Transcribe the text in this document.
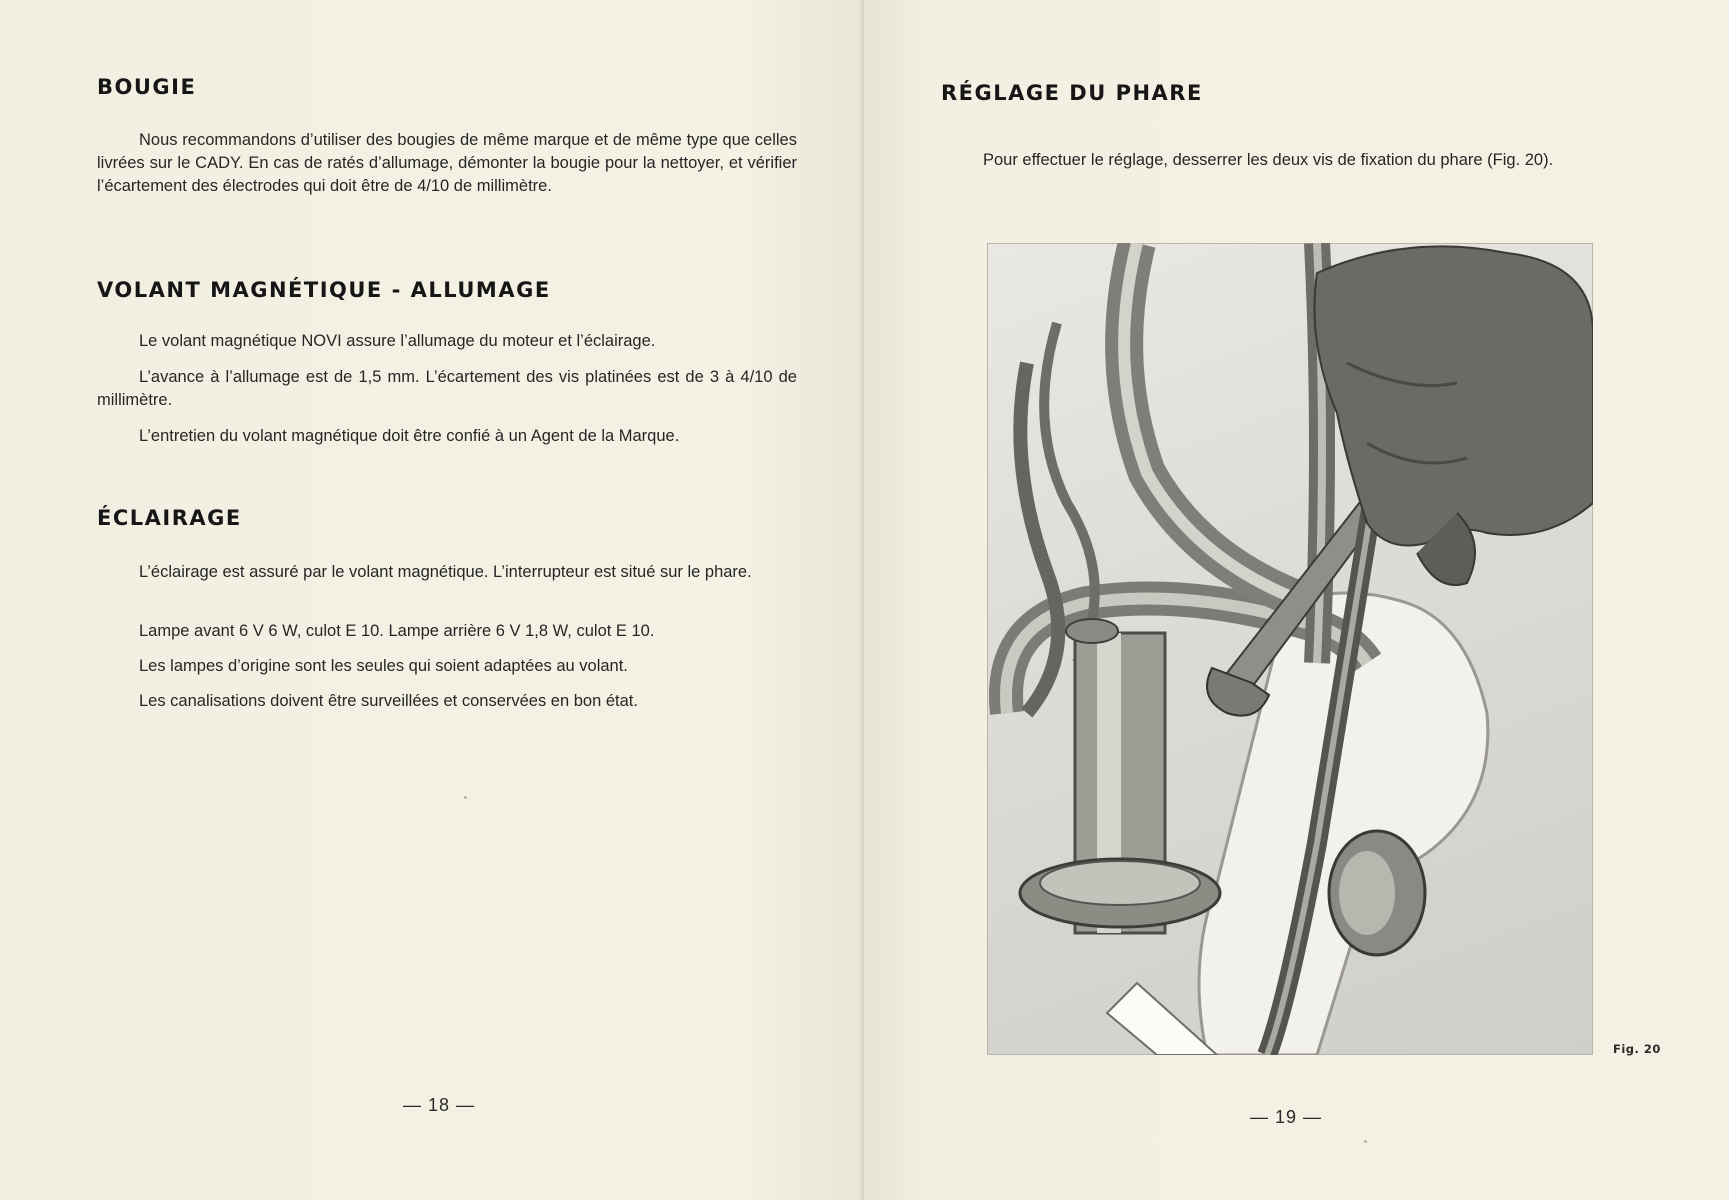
BOUGIE

Nous recommandons d’utiliser des bougies de même marque et de même type que celles livrées sur le CADY. En cas de ratés d’allumage, démonter la bougie pour la nettoyer, et vérifier l’écartement des électrodes qui doit être de 4/10 de millimètre.

VOLANT MAGNÉTIQUE - ALLUMAGE

Le volant magnétique NOVI assure l’allumage du moteur et l’éclairage.

L’avance à l’allumage est de 1,5 mm. L’écartement des vis platinées est de 3 à 4/10 de millimètre.

L’entretien du volant magnétique doit être confié à un Agent de la Marque.

ÉCLAIRAGE

L’éclairage est assuré par le volant magnétique. L’interrupteur est situé sur le phare.

Lampe avant 6 V 6 W, culot E 10. Lampe arrière 6 V 1,8 W, culot E 10.

Les lampes d’origine sont les seules qui soient adaptées au volant.

Les canalisations doivent être surveillées et conservées en bon état.

— 18 —
RÉGLAGE DU PHARE

Pour effectuer le réglage, desserrer les deux vis de fixation du phare (Fig. 20).

— 19 —
Fig. 20
